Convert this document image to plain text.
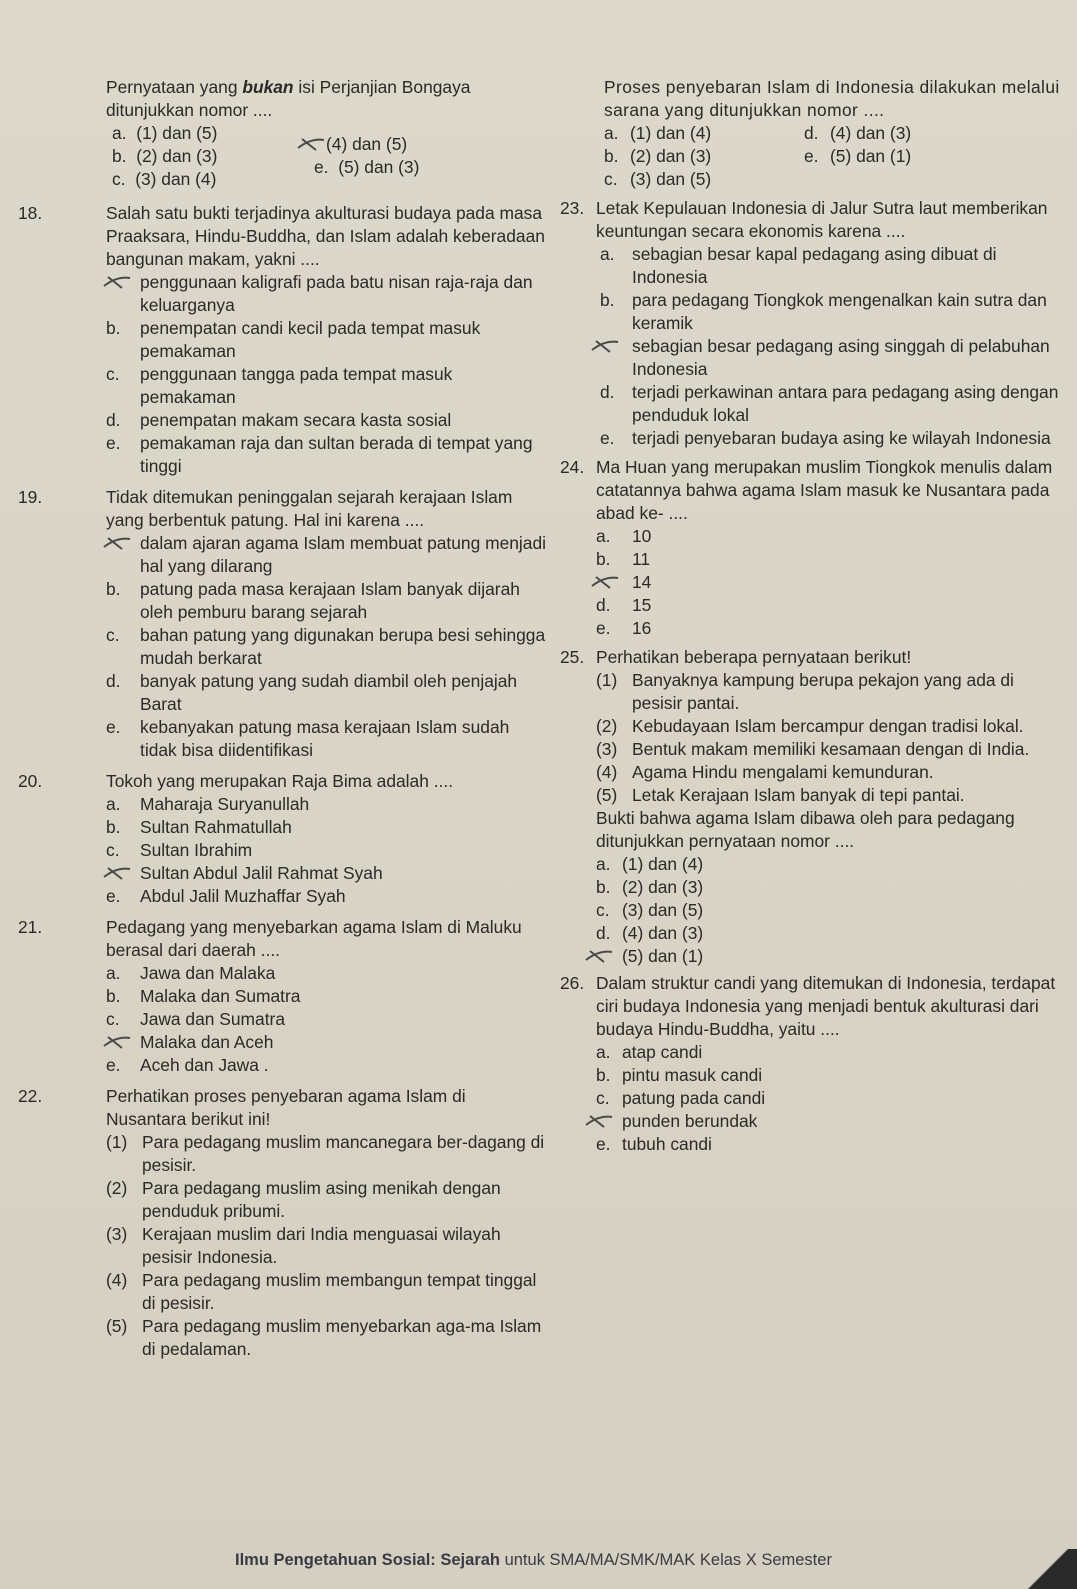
Pernyataan yang bukan isi Perjanjian Bongaya ditunjukkan nomor ....

a. (1) dan (5)
b. (2) dan (3)
c. (3) dan (4)
(4) dan (5)
e. (5) dan (3)

18.	Salah satu bukti terjadinya akulturasi budaya pada masa Praaksara, Hindu-Buddha, dan Islam adalah keberadaan bangunan makam, yakni ....

penggunaan kaligrafi pada batu nisan raja-raja dan keluarganya
b. penempatan candi kecil pada tempat masuk pemakaman
c. penggunaan tangga pada tempat masuk pemakaman
d. penempatan makam secara kasta sosial
e. pemakaman raja dan sultan berada di tempat yang tinggi

19.	Tidak ditemukan peninggalan sejarah kerajaan Islam yang berbentuk patung. Hal ini karena ....

dalam ajaran agama Islam membuat patung menjadi hal yang dilarang
b. patung pada masa kerajaan Islam banyak dijarah oleh pemburu barang sejarah
c. bahan patung yang digunakan berupa besi sehingga mudah berkarat
d. banyak patung yang sudah diambil oleh penjajah Barat
e. kebanyakan patung masa kerajaan Islam sudah tidak bisa diidentifikasi

20.	Tokoh yang merupakan Raja Bima adalah ....

a. Maharaja Suryanullah
b. Sultan Rahmatullah
c. Sultan Ibrahim
Sultan Abdul Jalil Rahmat Syah
e. Abdul Jalil Muzhaffar Syah

21.	Pedagang yang menyebarkan agama Islam di Maluku berasal dari daerah ....

a. Jawa dan Malaka
b. Malaka dan Sumatra
c. Jawa dan Sumatra
Malaka dan Aceh
e. Aceh dan Jawa .

22.	Perhatikan proses penyebaran agama Islam di Nusantara berikut ini!

(1) Para pedagang muslim mancanegara ber-dagang di pesisir.
(2) Para pedagang muslim asing menikah dengan penduduk pribumi.
(3) Kerajaan muslim dari India menguasai wilayah pesisir Indonesia.
(4) Para pedagang muslim membangun tempat tinggal di pesisir.
(5) Para pedagang muslim menyebarkan aga-ma Islam di pedalaman.

Proses penyebaran Islam di Indonesia dilakukan melalui sarana yang ditunjukkan nomor ....

a. (1) dan (4)	d. (4) dan (3)
b. (2) dan (3)	e. (5) dan (1)
c. (3) dan (5)

23. Letak Kepulauan Indonesia di Jalur Sutra laut memberikan keuntungan secara ekonomis karena ....

a. sebagian besar kapal pedagang asing dibuat di Indonesia
b. para pedagang Tiongkok mengenalkan kain sutra dan keramik
sebagian besar pedagang asing singgah di pelabuhan Indonesia
d. terjadi perkawinan antara para pedagang asing dengan penduduk lokal
e. terjadi penyebaran budaya asing ke wilayah Indonesia

24. Ma Huan yang merupakan muslim Tiongkok menulis dalam catatannya bahwa agama Islam masuk ke Nusantara pada abad ke- ....

a. 10
b. 11
14
d. 15
e. 16

25. Perhatikan beberapa pernyataan berikut!

(1) Banyaknya kampung berupa pekajon yang ada di pesisir pantai.
(2) Kebudayaan Islam bercampur dengan tradisi lokal.
(3) Bentuk makam memiliki kesamaan dengan di India.
(4) Agama Hindu mengalami kemunduran.
(5) Letak Kerajaan Islam banyak di tepi pantai.

Bukti bahwa agama Islam dibawa oleh para pedagang ditunjukkan pernyataan nomor ....

a. (1) dan (4)
b. (2) dan (3)
c. (3) dan (5)
d. (4) dan (3)
(5) dan (1)

26. Dalam struktur candi yang ditemukan di Indonesia, terdapat ciri budaya Indonesia yang menjadi bentuk akulturasi dari budaya Hindu-Buddha, yaitu ....

a. atap candi
b. pintu masuk candi
c. patung pada candi
punden berundak
e. tubuh candi
Ilmu Pengetahuan Sosial: Sejarah untuk SMA/MA/SMK/MAK Kelas X Semester
